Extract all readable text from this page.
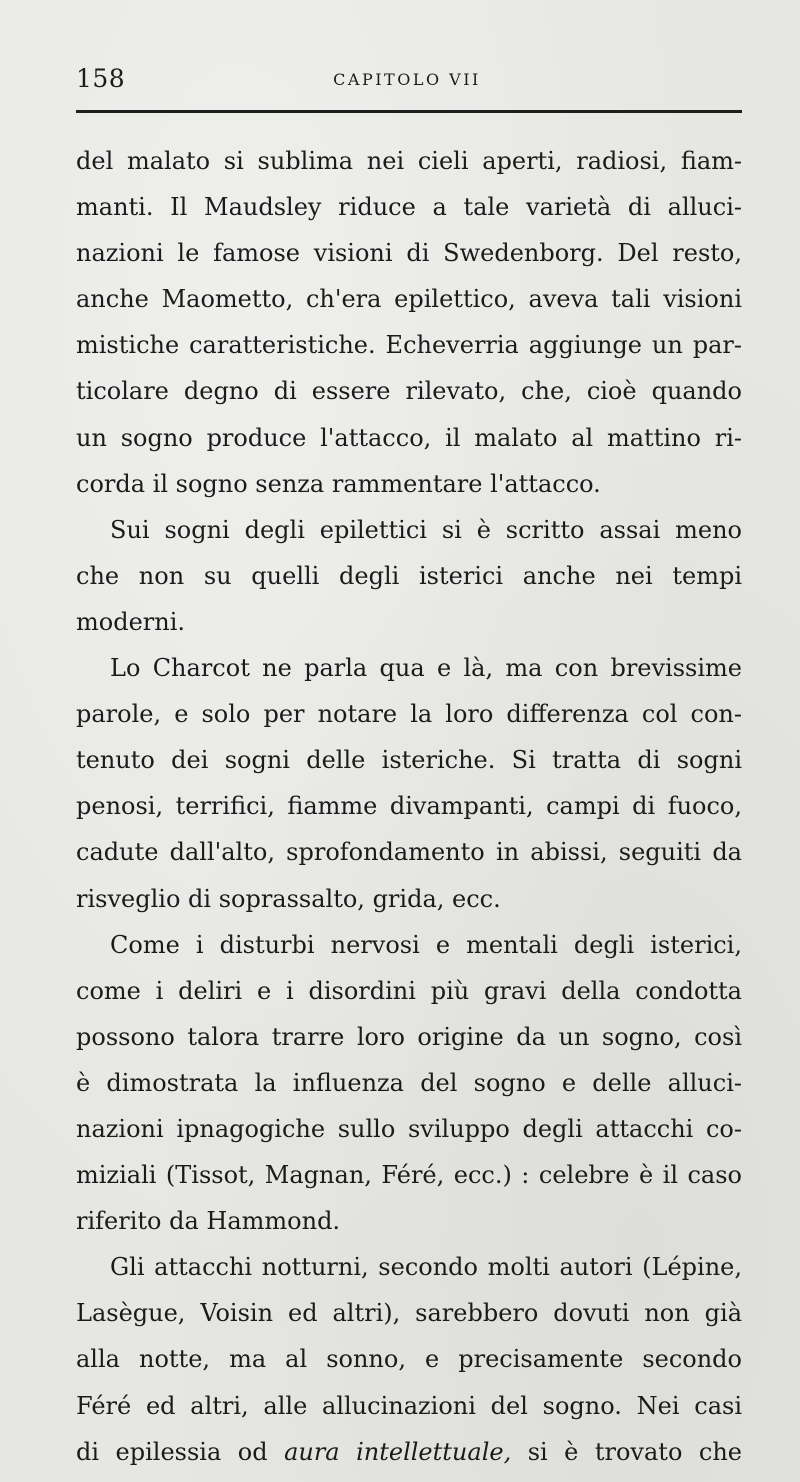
158	CAPITOLO VII
del malato si sublima nei cieli aperti, radiosi, fiam-
manti. Il Maudsley riduce a tale varietà di alluci-
nazioni le famose visioni di Swedenborg. Del resto,
anche Maometto, ch'era epilettico, aveva tali visioni
mistiche caratteristiche. Echeverria aggiunge un par-
ticolare degno di essere rilevato, che, cioè quando
un sogno produce l'attacco, il malato al mattino ri-
corda il sogno senza rammentare l'attacco.
Sui sogni degli epilettici si è scritto assai meno
che non su quelli degli isterici anche nei tempi
moderni.
Lo Charcot ne parla qua e là, ma con brevissime
parole, e solo per notare la loro differenza col con-
tenuto dei sogni delle isteriche. Si tratta di sogni
penosi, terrifici, fiamme divampanti, campi di fuoco,
cadute dall'alto, sprofondamento in abissi, seguiti da
risveglio di soprassalto, grida, ecc.
Come i disturbi nervosi e mentali degli isterici,
come i deliri e i disordini più gravi della condotta
possono talora trarre loro origine da un sogno, così
è dimostrata la influenza del sogno e delle alluci-
nazioni ipnagogiche sullo sviluppo degli attacchi co-
miziali (Tissot, Magnan, Féré, ecc.) : celebre è il caso
riferito da Hammond.
Gli attacchi notturni, secondo molti autori (Lépine,
Lasègue, Voisin ed altri), sarebbero dovuti non già
alla notte, ma al sonno, e precisamente secondo
Féré ed altri, alle allucinazioni del sogno. Nei casi
di epilessia od aura intellettuale, si è trovato che
